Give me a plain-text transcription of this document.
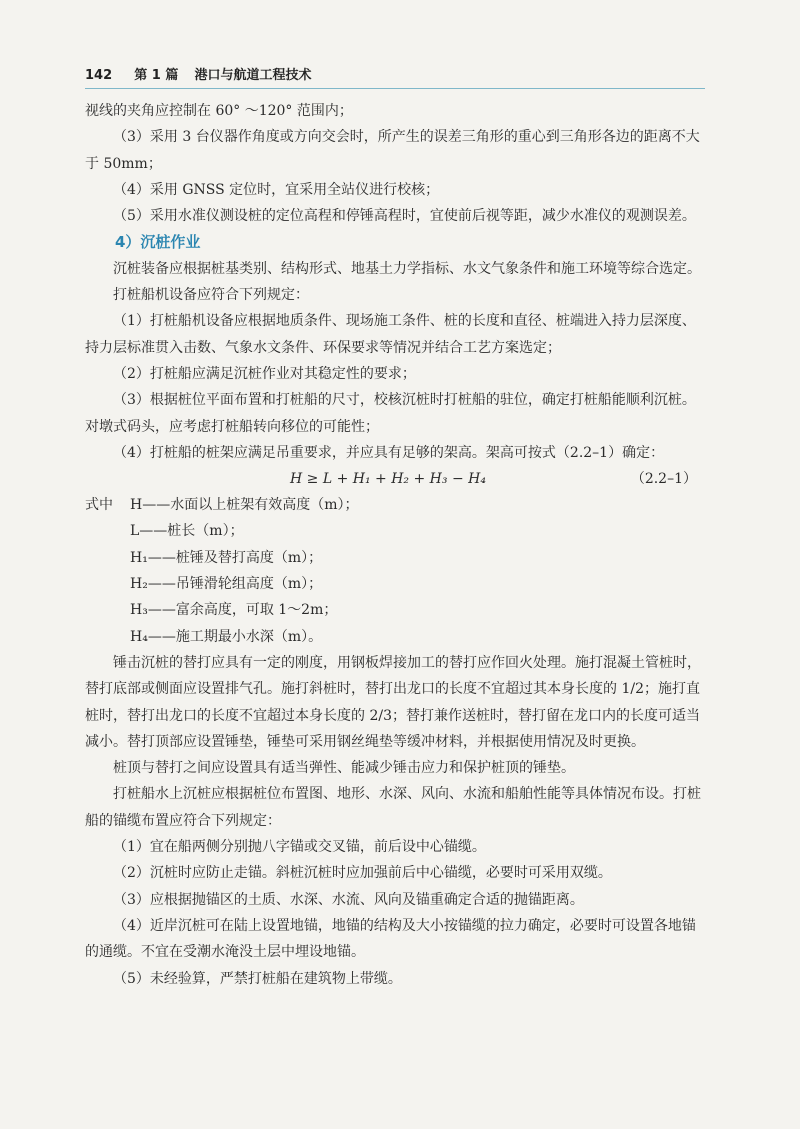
142 第 1 篇 港口与航道工程技术

视线的夹角应控制在 60° ～120° 范围内；

（3）采用 3 台仪器作角度或方向交会时，所产生的误差三角形的重心到三角形各边的距离不大于 50mm；

（4）采用 GNSS 定位时，宜采用全站仪进行校核；

（5）采用水准仪测设桩的定位高程和停锤高程时，宜使前后视等距，减少水准仪的观测误差。

4）沉桩作业

沉桩装备应根据桩基类别、结构形式、地基土力学指标、水文气象条件和施工环境等综合选定。

打桩船机设备应符合下列规定：

（1）打桩船机设备应根据地质条件、现场施工条件、桩的长度和直径、桩端进入持力层深度、持力层标准贯入击数、气象水文条件、环保要求等情况并结合工艺方案选定；

（2）打桩船应满足沉桩作业对其稳定性的要求；

（3）根据桩位平面布置和打桩船的尺寸，校核沉桩时打桩船的驻位，确定打桩船能顺利沉桩。对墩式码头，应考虑打桩船转向移位的可能性；

（4）打桩船的桩架应满足吊重要求，并应具有足够的架高。架高可按式（2.2–1）确定：

H ≥ L + H₁ + H₂ + H₃ − H₄	（2.2–1）
式中	H——水面以上桩架有效高度（m）；

L——桩长（m）；

H₁——桩锤及替打高度（m）；

H₂——吊锤滑轮组高度（m）；

H₃——富余高度，可取 1～2m；

H₄——施工期最小水深（m）。

锤击沉桩的替打应具有一定的刚度，用钢板焊接加工的替打应作回火处理。施打混凝土管桩时，替打底部或侧面应设置排气孔。施打斜桩时，替打出龙口的长度不宜超过其本身长度的 1/2；施打直桩时，替打出龙口的长度不宜超过本身长度的 2/3；替打兼作送桩时，替打留在龙口内的长度可适当减小。替打顶部应设置锤垫，锤垫可采用钢丝绳垫等缓冲材料，并根据使用情况及时更换。

桩顶与替打之间应设置具有适当弹性、能减少锤击应力和保护桩顶的锤垫。

打桩船水上沉桩应根据桩位布置图、地形、水深、风向、水流和船舶性能等具体情况布设。打桩船的锚缆布置应符合下列规定：

（1）宜在船两侧分别抛八字锚或交叉锚，前后设中心锚缆。

（2）沉桩时应防止走锚。斜桩沉桩时应加强前后中心锚缆，必要时可采用双缆。

（3）应根据抛锚区的土质、水深、水流、风向及锚重确定合适的抛锚距离。

（4）近岸沉桩可在陆上设置地锚，地锚的结构及大小按锚缆的拉力确定，必要时可设置各地锚的通缆。不宜在受潮水淹没土层中埋设地锚。

（5）未经验算，严禁打桩船在建筑物上带缆。
